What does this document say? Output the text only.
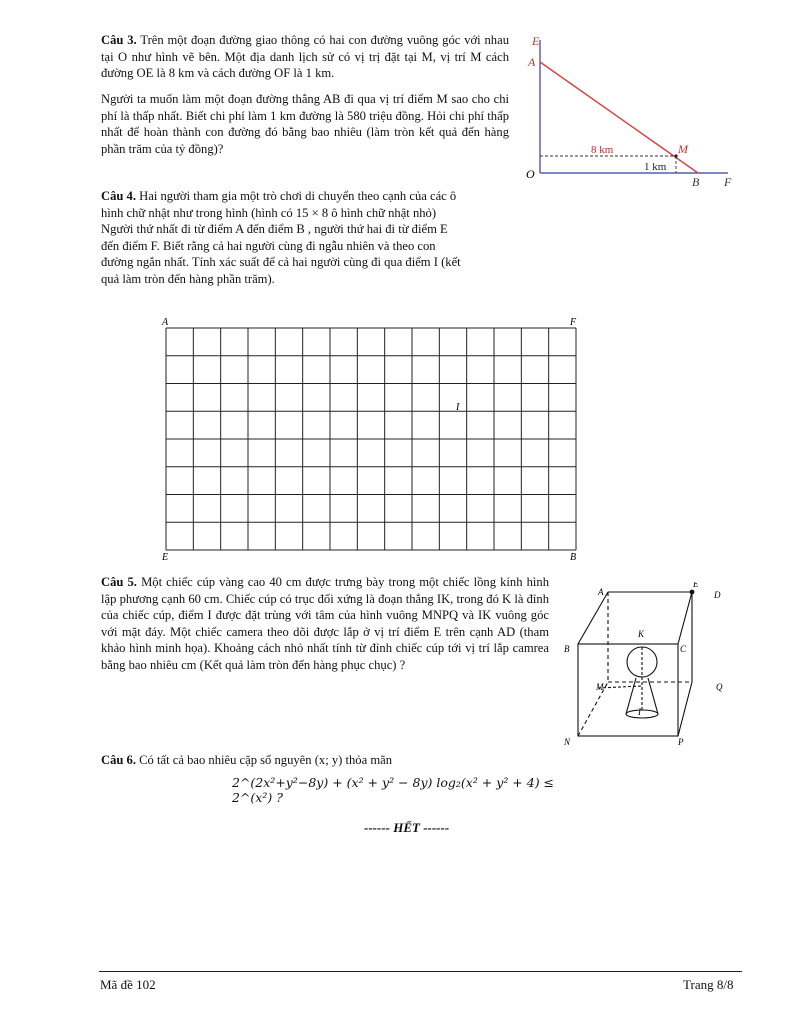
Câu 3. Trên một đoạn đường giao thông có hai con đường vuông góc với nhau tại O như hình vẽ bên. Một địa danh lịch sử có vị trị đặt tại M, vị trí M cách đường OE là 8 km và cách đường OF là 1 km.
Người ta muốn làm một đoạn đường thẳng AB đi qua vị trí điểm M sao cho chi phí là thấp nhất. Biết chi phí làm 1 km đường là 580 triệu đồng. Hỏi chi phí thấp nhất để hoàn thành con đường đó bằng bao nhiêu (làm tròn kết quả đến hàng phần trăm của tỷ đồng)?
E
A
O
B F
M
8 km
1 km
Câu 4. Hai người tham gia một trò chơi di chuyển theo cạnh của các ô hình chữ nhật như trong hình (hình có 15 × 8 ô hình chữ nhật nhỏ) Người thứ nhất đi từ điểm A đến điểm B , người thứ hai đi từ điểm E đến điểm F. Biết rằng cả hai người cùng đi ngẫu nhiên và theo con đường ngắn nhất. Tính xác suất để cả hai người cùng đi qua điểm I (kết quả làm tròn đến hàng phần trăm).
A	F
E	B
I
Câu 5. Một chiếc cúp vàng cao 40 cm được trưng bày trong một chiếc lồng kính hình lập phương cạnh 60 cm. Chiếc cúp có trục đối xứng là đoạn thẳng IK, trong đó K là đỉnh của chiếc cúp, điểm I được đặt trùng với tâm của hình vuông MNPQ và IK vuông góc với mặt đáy. Một chiếc camera theo dõi được lắp ở vị trí điểm E trên cạnh AD (tham khảo hình minh họa). Khoảng cách nhỏ nhất tính từ đỉnh chiếc cúp tới vị trí lắp camrea bằng bao nhiêu cm (Kết quả làm tròn đến hàng phục chục) ?
A
E
D
B	C
K
M	Q
I
N	P
Câu 6. Có tất cả bao nhiêu cặp số nguyên (x; y) thỏa mãn
2^(2x²+y²−8y) + (x² + y² − 8y) log₂(x² + y² + 4) ≤ 2^(x²) ?
------ HẾT ------
Mã đề 102	Trang 8/8
